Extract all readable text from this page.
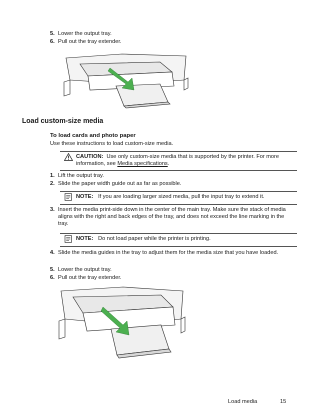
5. Lower the output tray.
6. Pull out the tray extender.
Load custom-size media
To load cards and photo paper
Use these instructions to load custom-size media.
CAUTION: Use only custom-size media that is supported by the printer. For more information, see Media specifications.
1. Lift the output tray.
2. Slide the paper width guide out as far as possible.
NOTE: If you are loading larger sized media, pull the input tray to extend it.
3. Insert the media print-side down in the center of the main tray. Make sure the stack of media aligns with the right and back edges of the tray, and does not exceed the line marking in the tray.
NOTE: Do not load paper while the printer is printing.
4. Slide the media guides in the tray to adjust them for the media size that you have loaded.
5. Lower the output tray.
6. Pull out the tray extender.
Load media	15
